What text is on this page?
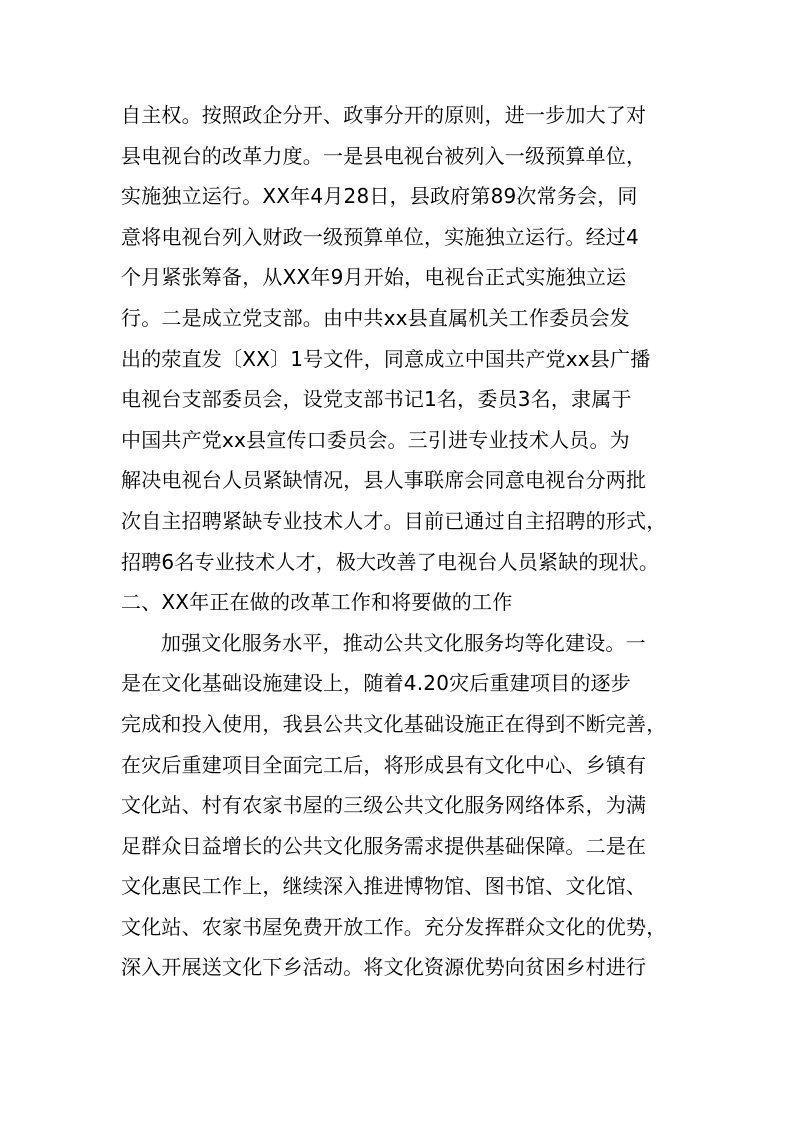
自主权。按照政企分开、政事分开的原则，进一步加大了对
县电视台的改革力度。一是县电视台被列入一级预算单位，
实施独立运行。XX年4月28日，县政府第89次常务会，同
意将电视台列入财政一级预算单位，实施独立运行。经过4
个月紧张筹备，从XX年9月开始，电视台正式实施独立运
行。二是成立党支部。由中共xx县直属机关工作委员会发
出的荥直发〔XX〕1号文件，同意成立中国共产党xx县广播
电视台支部委员会，设党支部书记1名，委员3名，隶属于
中国共产党xx县宣传口委员会。三引进专业技术人员。为
解决电视台人员紧缺情况，县人事联席会同意电视台分两批
次自主招聘紧缺专业技术人才。目前已通过自主招聘的形式，
招聘6名专业技术人才，极大改善了电视台人员紧缺的现状。
二、XX年正在做的改革工作和将要做的工作
加强文化服务水平，推动公共文化服务均等化建设。一
是在文化基础设施建设上，随着4.20灾后重建项目的逐步
完成和投入使用，我县公共文化基础设施正在得到不断完善，
在灾后重建项目全面完工后，将形成县有文化中心、乡镇有
文化站、村有农家书屋的三级公共文化服务网络体系，为满
足群众日益增长的公共文化服务需求提供基础保障。二是在
文化惠民工作上，继续深入推进博物馆、图书馆、文化馆、
文化站、农家书屋免费开放工作。充分发挥群众文化的优势，
深入开展送文化下乡活动。将文化资源优势向贫困乡村进行
